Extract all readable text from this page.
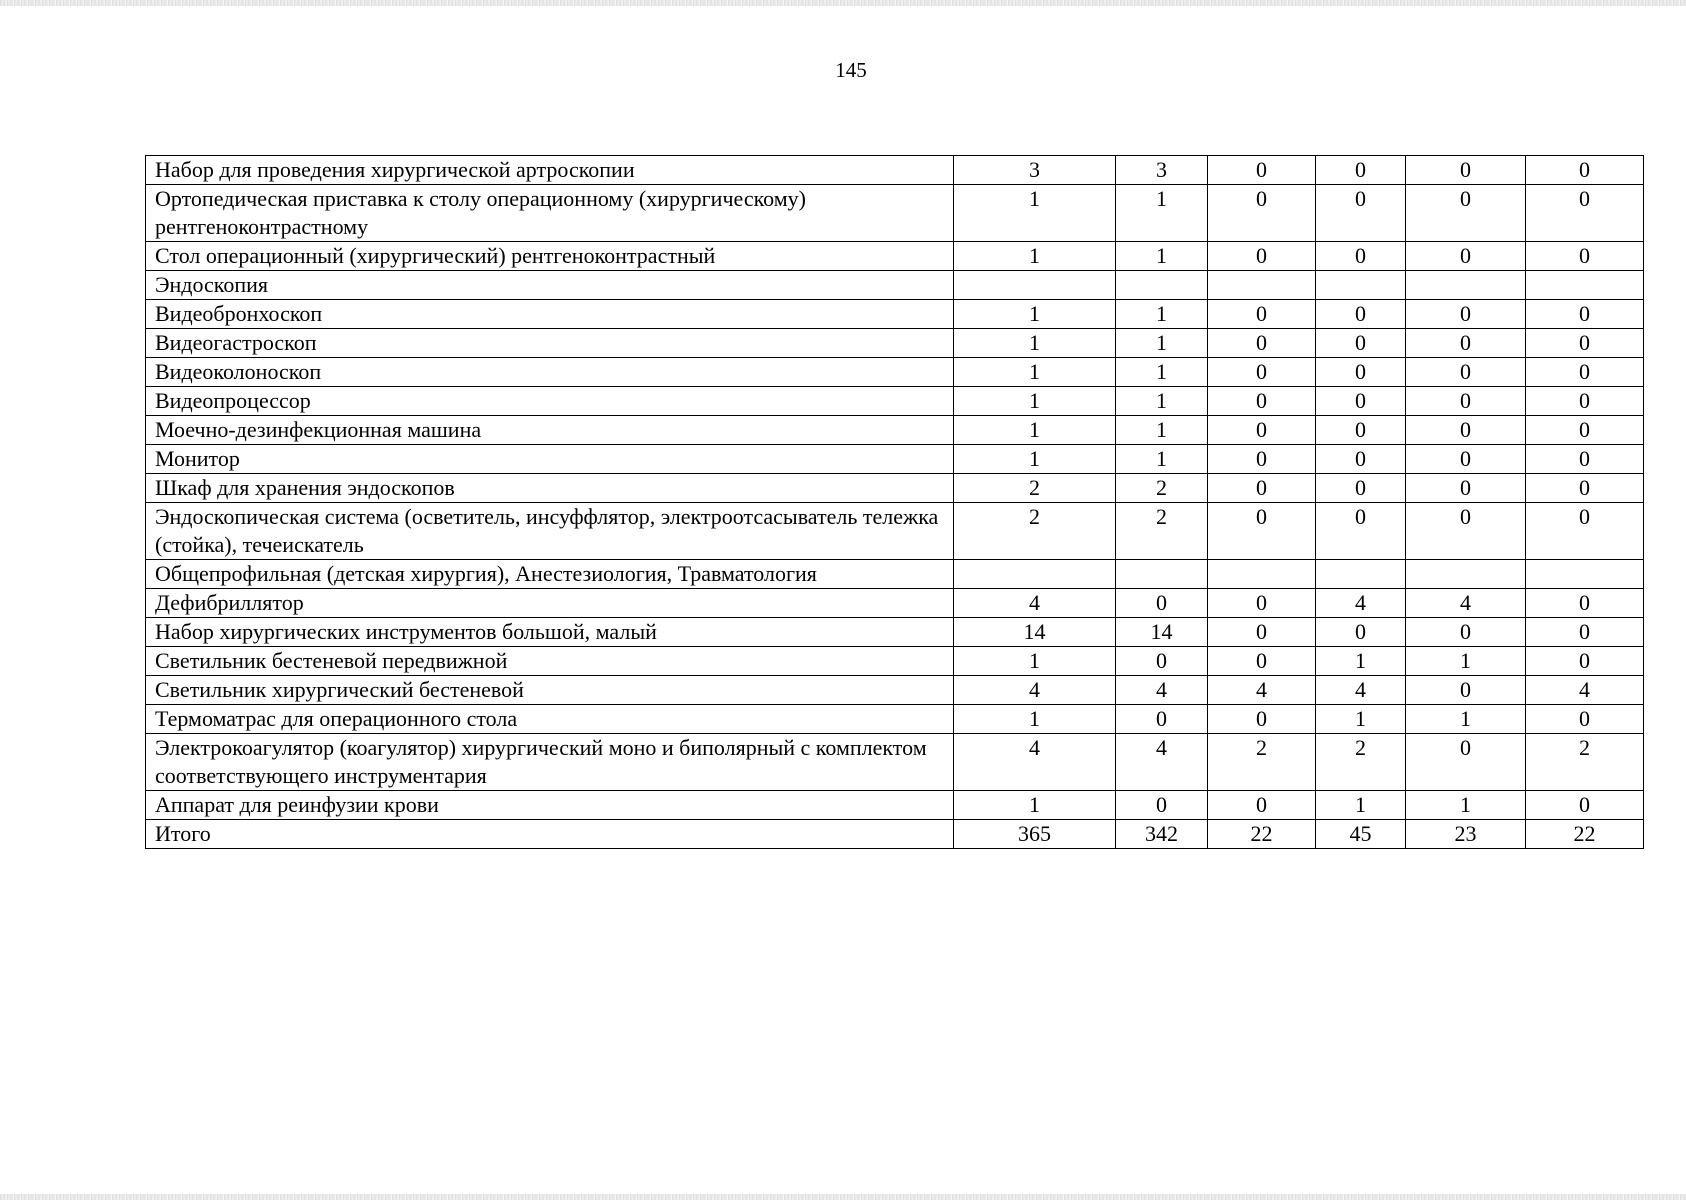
145
Набор для проведения хирургической артроскопии	3	3	0	0	0	0
Ортопедическая приставка к столу операционному (хирургическому) рентгеноконтрастному	1	1	0	0	0	0
Стол операционный (хирургический) рентгеноконтрастный	1	1	0	0	0	0
Эндоскопия						
Видеобронхоскоп	1	1	0	0	0	0
Видеогастроскоп	1	1	0	0	0	0
Видеоколоноскоп	1	1	0	0	0	0
Видеопроцессор	1	1	0	0	0	0
Моечно-дезинфекционная машина	1	1	0	0	0	0
Монитор	1	1	0	0	0	0
Шкаф для хранения эндоскопов	2	2	0	0	0	0
Эндоскопическая система (осветитель, инсуффлятор, электроотсасыватель тележка (стойка), течеискатель	2	2	0	0	0	0
Общепрофильная (детская хирургия), Анестезиология, Травматология						
Дефибриллятор	4	0	0	4	4	0
Набор хирургических инструментов большой, малый	14	14	0	0	0	0
Светильник бестеневой передвижной	1	0	0	1	1	0
Светильник хирургический бестеневой	4	4	4	4	0	4
Термоматрас для операционного стола	1	0	0	1	1	0
Электрокоагулятор (коагулятор) хирургический моно и биполярный с комплектом соответствующего инструментария	4	4	2	2	0	2
Аппарат для реинфузии крови	1	0	0	1	1	0
Итого	365	342	22	45	23	22
